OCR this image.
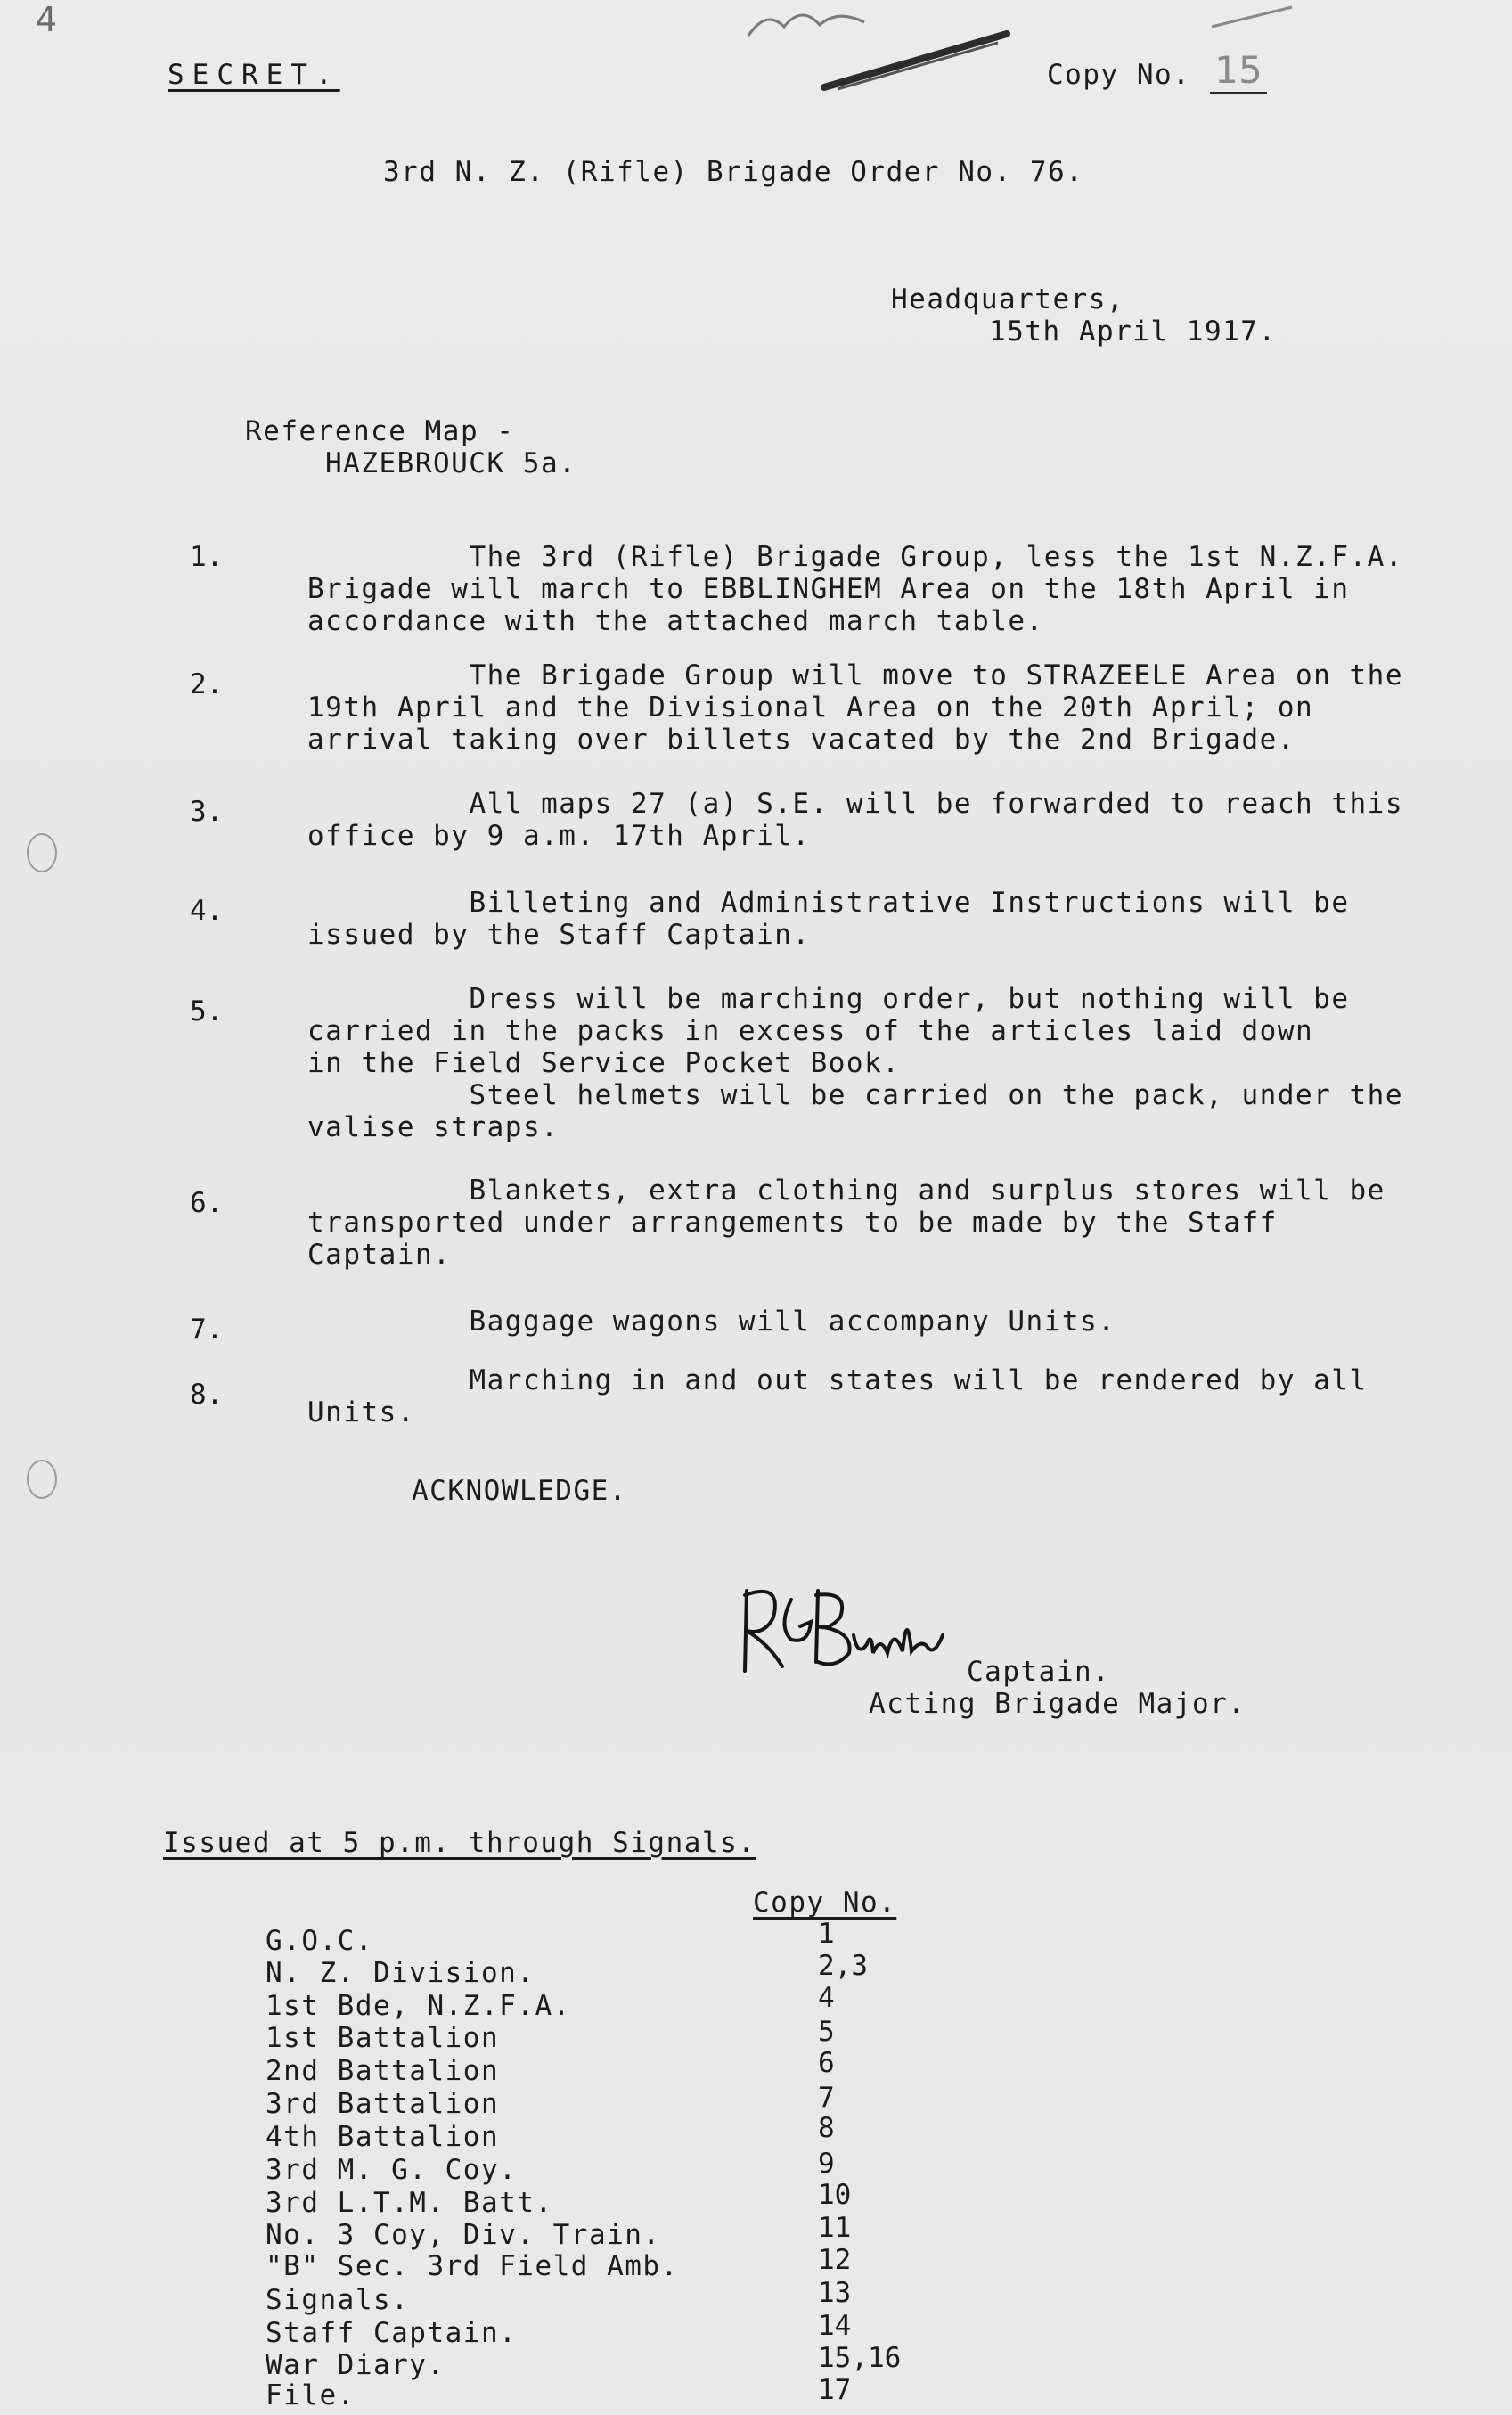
4
SECRET.	Copy No. 15
3rd N. Z. (Rifle) Brigade Order No. 76.
Headquarters,
15th April 1917.
Reference Map -
HAZEBROUCK 5a.
1.	The 3rd (Rifle) Brigade Group, less the 1st N.Z.F.A.
Brigade will march to EBBLINGHEM Area on the 18th April in
accordance with the attached march table.
2.	The Brigade Group will move to STRAZEELE Area on the
19th April and the Divisional Area on the 20th April; on
arrival taking over billets vacated by the 2nd Brigade.
3.	All maps 27 (a) S.E. will be forwarded to reach this
office by 9 a.m. 17th April.
4.	Billeting and Administrative Instructions will be
issued by the Staff Captain.
5.	Dress will be marching order, but nothing will be
carried in the packs in excess of the articles laid down
in the Field Service Pocket Book.
Steel helmets will be carried on the pack, under the
valise straps.
6.	Blankets, extra clothing and surplus stores will be
transported under arrangements to be made by the Staff
Captain.
7.	Baggage wagons will accompany Units.
8.	Marching in and out states will be rendered by all
Units.
ACKNOWLEDGE.
Captain.
Acting Brigade Major.
Issued at 5 p.m. through Signals.
Copy No.
G.O.C.	1
N. Z. Division.	2,3
1st Bde, N.Z.F.A.	4
1st Battalion	5
2nd Battalion	6
3rd Battalion	7
4th Battalion	8
3rd M. G. Coy.	9
3rd L.T.M. Batt.	10
No. 3 Coy, Div. Train.	11
"B" Sec. 3rd Field Amb.	12
Signals.	13
Staff Captain.	14
War Diary.	15,16
File.	17
